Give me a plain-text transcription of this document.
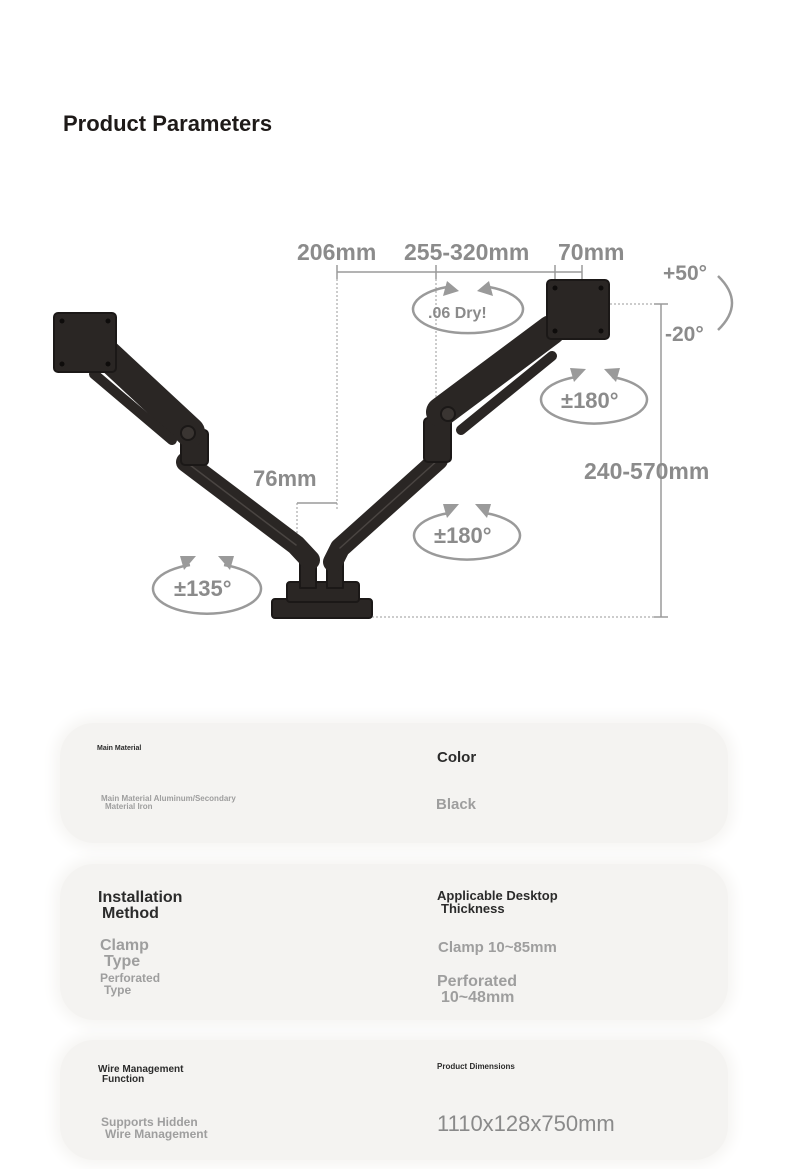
Product Parameters
206mm 255-320mm 70mm
+50°
-20°
.06 Dry!
±180°
240-570mm
76mm
±180°
±135°
Main Material
Main Material Aluminum/Secondary
Material Iron
Color
Black
Installation
Method
Clamp
Type
Perforated
Type
Applicable Desktop
Thickness
Clamp 10~85mm
Perforated
10~48mm
Wire Management
Function
Supports Hidden
Wire Management
Product Dimensions
1110x128x750mm
